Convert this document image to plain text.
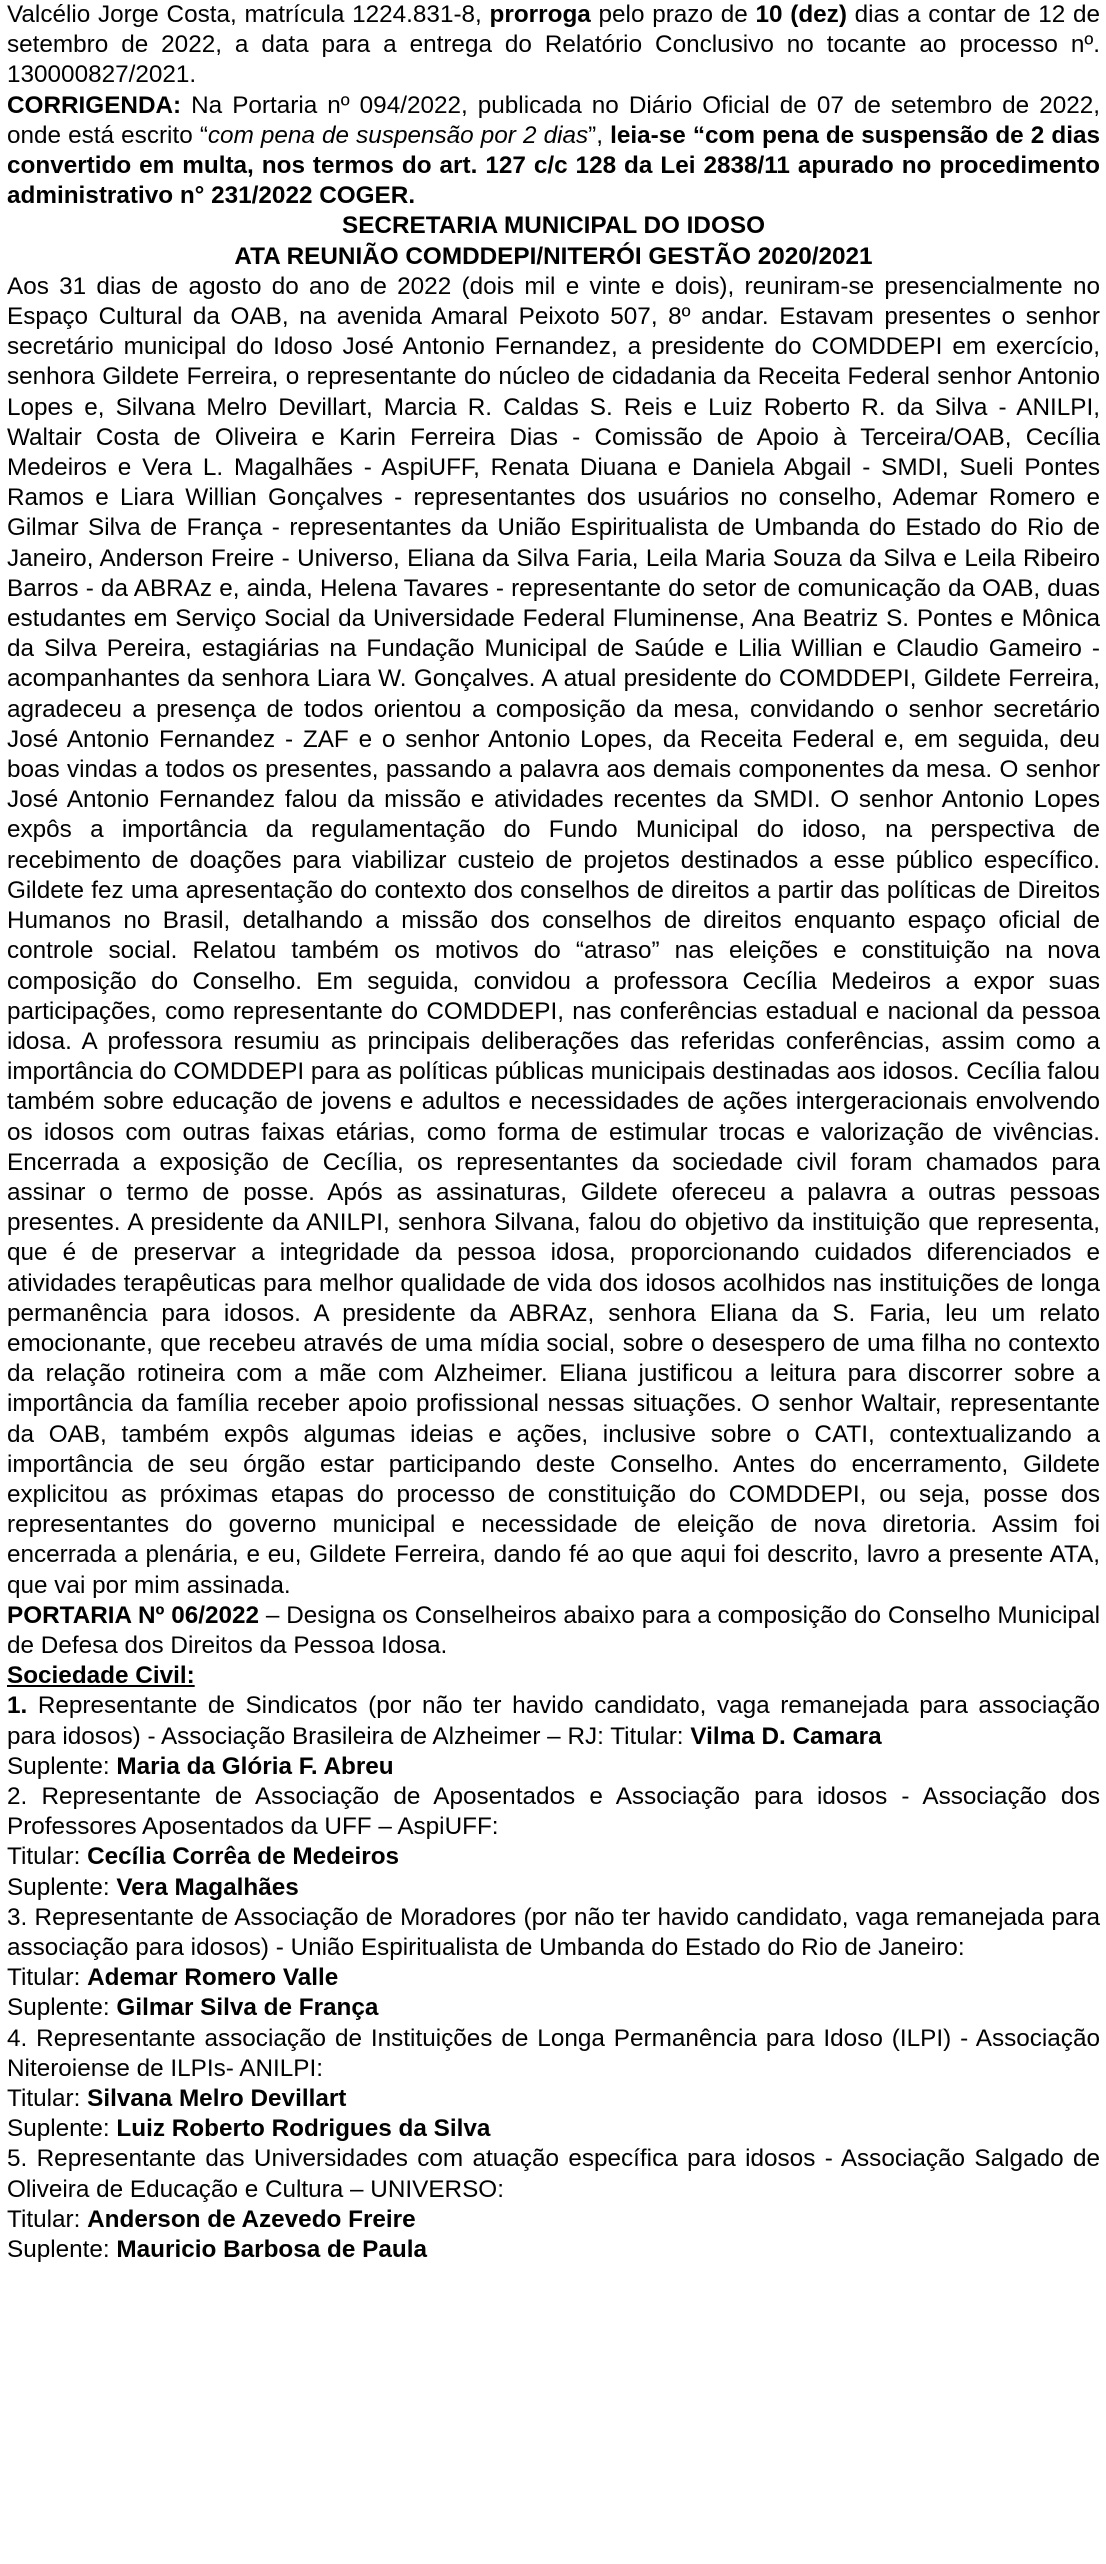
Valcélio Jorge Costa, matrícula 1224.831-8, prorroga pelo prazo de 10 (dez) dias a contar de 12 de setembro de 2022, a data para a entrega do Relatório Conclusivo no tocante ao processo nº. 130000827/2021.

CORRIGENDA: Na Portaria nº 094/2022, publicada no Diário Oficial de 07 de setembro de 2022, onde está escrito “com pena de suspensão por 2 dias”, leia-se “com pena de suspensão de 2 dias convertido em multa, nos termos do art. 127 c/c 128 da Lei 2838/11 apurado no procedimento administrativo n° 231/2022 COGER.

SECRETARIA MUNICIPAL DO IDOSO

ATA REUNIÃO COMDDEPI/NITERÓI GESTÃO 2020/2021

Aos 31 dias de agosto do ano de 2022 (dois mil e vinte e dois), reuniram-se presencialmente no Espaço Cultural da OAB, na avenida Amaral Peixoto 507, 8º andar. Estavam presentes o senhor secretário municipal do Idoso José Antonio Fernandez, a presidente do COMDDEPI em exercício, senhora Gildete Ferreira, o representante do núcleo de cidadania da Receita Federal senhor Antonio Lopes e, Silvana Melro Devillart, Marcia R. Caldas S. Reis e Luiz Roberto R. da Silva - ANILPI, Waltair Costa de Oliveira e Karin Ferreira Dias - Comissão de Apoio à Terceira/OAB, Cecília Medeiros e Vera L. Magalhães - AspiUFF, Renata Diuana e Daniela Abgail - SMDI, Sueli Pontes Ramos e Liara Willian Gonçalves - representantes dos usuários no conselho, Ademar Romero e Gilmar Silva de França - representantes da União Espiritualista de Umbanda do Estado do Rio de Janeiro, Anderson Freire - Universo, Eliana da Silva Faria, Leila Maria Souza da Silva e Leila Ribeiro Barros - da ABRAz e, ainda, Helena Tavares - representante do setor de comunicação da OAB, duas estudantes em Serviço Social da Universidade Federal Fluminense, Ana Beatriz S. Pontes e Mônica da Silva Pereira, estagiárias na Fundação Municipal de Saúde e Lilia Willian e Claudio Gameiro - acompanhantes da senhora Liara W. Gonçalves. A atual presidente do COMDDEPI, Gildete Ferreira, agradeceu a presença de todos orientou a composição da mesa, convidando o senhor secretário José Antonio Fernandez - ZAF e o senhor Antonio Lopes, da Receita Federal e, em seguida, deu boas vindas a todos os presentes, passando a palavra aos demais componentes da mesa. O senhor José Antonio Fernandez falou da missão e atividades recentes da SMDI. O senhor Antonio Lopes expôs a importância da regulamentação do Fundo Municipal do idoso, na perspectiva de recebimento de doações para viabilizar custeio de projetos destinados a esse público específico. Gildete fez uma apresentação do contexto dos conselhos de direitos a partir das políticas de Direitos Humanos no Brasil, detalhando a missão dos conselhos de direitos enquanto espaço oficial de controle social. Relatou também os motivos do “atraso” nas eleições e constituição na nova composição do Conselho. Em seguida, convidou a professora Cecília Medeiros a expor suas participações, como representante do COMDDEPI, nas conferências estadual e nacional da pessoa idosa. A professora resumiu as principais deliberações das referidas conferências, assim como a importância do COMDDEPI para as políticas públicas municipais destinadas aos idosos. Cecília falou também sobre educação de jovens e adultos e necessidades de ações intergeracionais envolvendo os idosos com outras faixas etárias, como forma de estimular trocas e valorização de vivências. Encerrada a exposição de Cecília, os representantes da sociedade civil foram chamados para assinar o termo de posse. Após as assinaturas, Gildete ofereceu a palavra a outras pessoas presentes. A presidente da ANILPI, senhora Silvana, falou do objetivo da instituição que representa, que é de preservar a integridade da pessoa idosa, proporcionando cuidados diferenciados e atividades terapêuticas para melhor qualidade de vida dos idosos acolhidos nas instituições de longa permanência para idosos. A presidente da ABRAz, senhora Eliana da S. Faria, leu um relato emocionante, que recebeu através de uma mídia social, sobre o desespero de uma filha no contexto da relação rotineira com a mãe com Alzheimer. Eliana justificou a leitura para discorrer sobre a importância da família receber apoio profissional nessas situações. O senhor Waltair, representante da OAB, também expôs algumas ideias e ações, inclusive sobre o CATI, contextualizando a importância de seu órgão estar participando deste Conselho. Antes do encerramento, Gildete explicitou as próximas etapas do processo de constituição do COMDDEPI, ou seja, posse dos representantes do governo municipal e necessidade de eleição de nova diretoria. Assim foi encerrada a plenária, e eu, Gildete Ferreira, dando fé ao que aqui foi descrito, lavro a presente ATA, que vai por mim assinada.

PORTARIA Nº 06/2022 – Designa os Conselheiros abaixo para a composição do Conselho Municipal de Defesa dos Direitos da Pessoa Idosa.

Sociedade Civil:

1. Representante de Sindicatos (por não ter havido candidato, vaga remanejada para associação para idosos) - Associação Brasileira de Alzheimer – RJ: Titular: Vilma D. Camara

Suplente: Maria da Glória F. Abreu

2. Representante de Associação de Aposentados e Associação para idosos - Associação dos Professores Aposentados da UFF – AspiUFF:

Titular: Cecília Corrêa de Medeiros

Suplente: Vera Magalhães

3. Representante de Associação de Moradores (por não ter havido candidato, vaga remanejada para associação para idosos) - União Espiritualista de Umbanda do Estado do Rio de Janeiro:

Titular: Ademar Romero Valle

Suplente: Gilmar Silva de França

4. Representante associação de Instituições de Longa Permanência para Idoso (ILPI) - Associação Niteroiense de ILPIs- ANILPI:

Titular: Silvana Melro Devillart

Suplente: Luiz Roberto Rodrigues da Silva

5. Representante das Universidades com atuação específica para idosos - Associação Salgado de Oliveira de Educação e Cultura – UNIVERSO:

Titular: Anderson de Azevedo Freire

Suplente: Mauricio Barbosa de Paula
